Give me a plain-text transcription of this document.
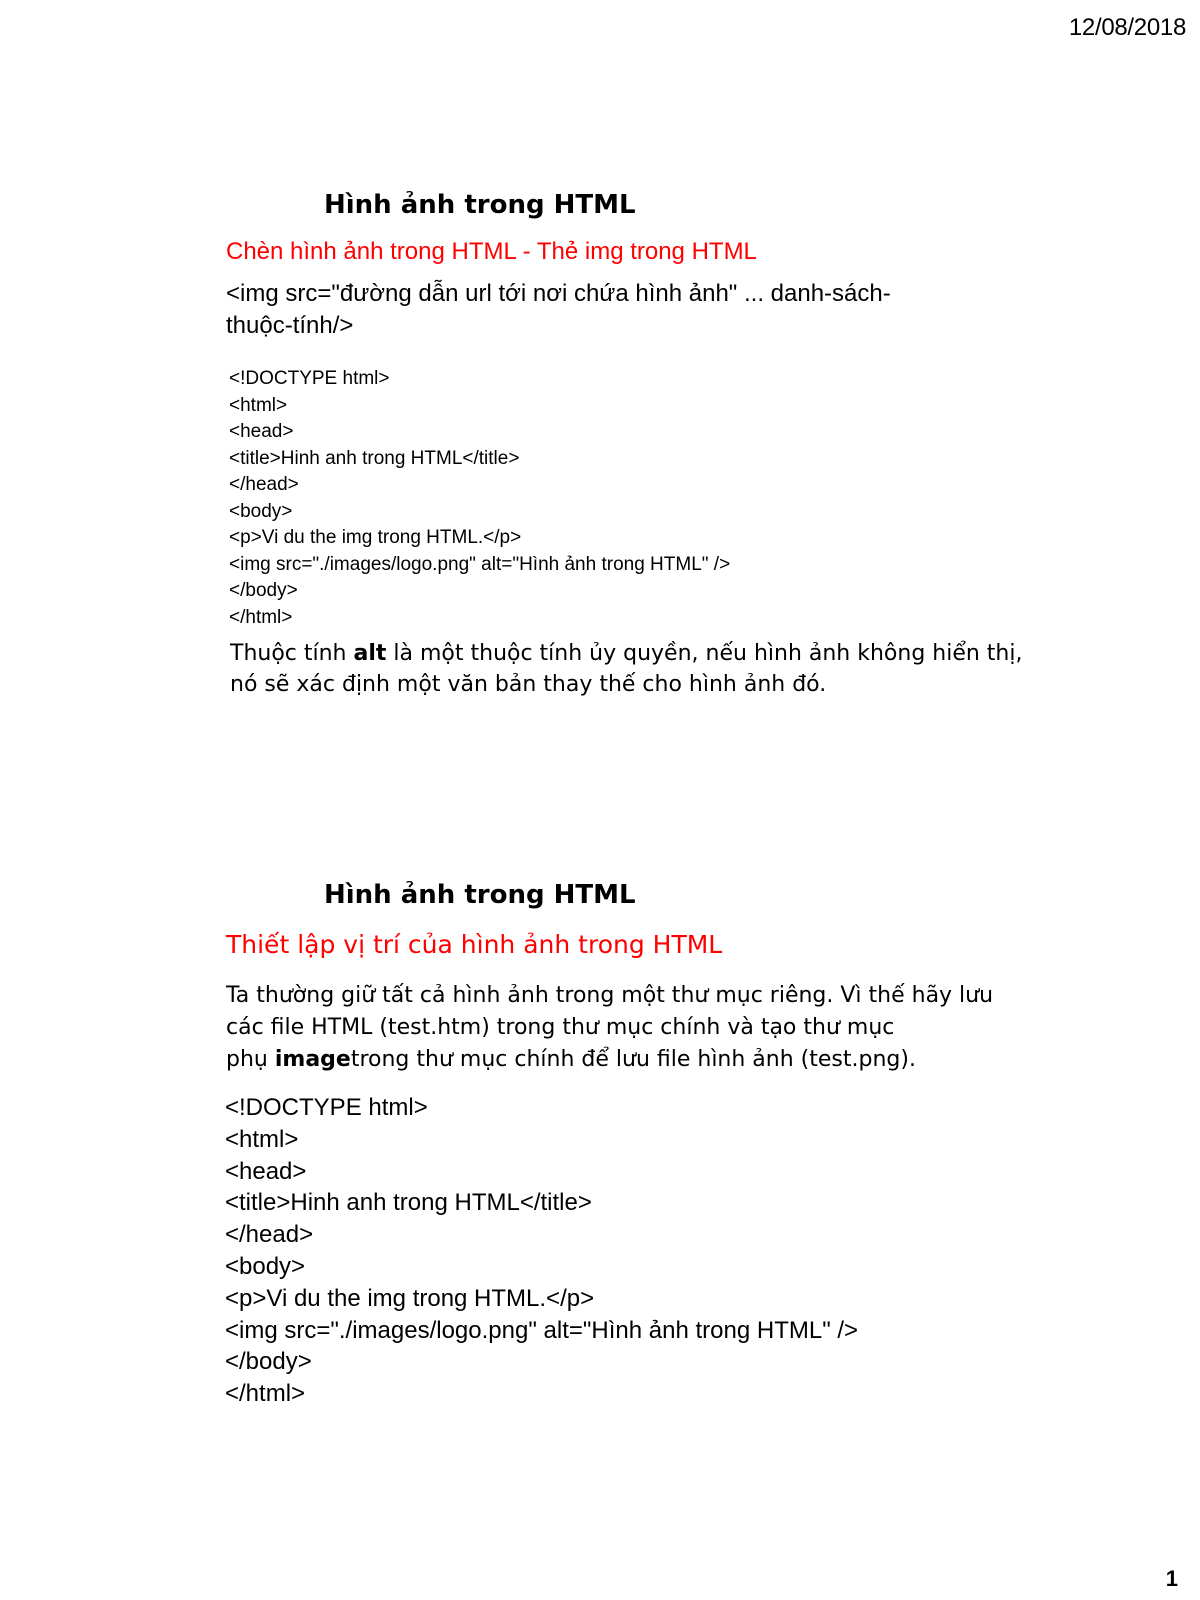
12/08/2018
Hình ảnh trong HTML
Chèn hình ảnh trong HTML - Thẻ img trong HTML
<img src="đường dẫn url tới nơi chứa hình ảnh" ... danh-sách-
thuộc-tính/>
<!DOCTYPE html>
<html>
<head>
<title>Hinh anh trong HTML</title>
</head>
<body>
<p>Vi du the img trong HTML.</p>
<img src="./images/logo.png" alt="Hình ảnh trong HTML" />
</body>
</html>
Thuộc tính alt là một thuộc tính ủy quyền, nếu hình ảnh không hiển thị,
nó sẽ xác định một văn bản thay thế cho hình ảnh đó.
Hình ảnh trong HTML
Thiết lập vị trí của hình ảnh trong HTML
Ta thường giữ tất cả hình ảnh trong một thư mục riêng. Vì thế hãy lưu
các file HTML (test.htm) trong thư mục chính và tạo thư mục
phụ imagetrong thư mục chính để lưu file hình ảnh (test.png).
<!DOCTYPE html>
<html>
<head>
<title>Hinh anh trong HTML</title>
</head>
<body>
<p>Vi du the img trong HTML.</p>
<img src="./images/logo.png" alt="Hình ảnh trong HTML" />
</body>
</html>
1
